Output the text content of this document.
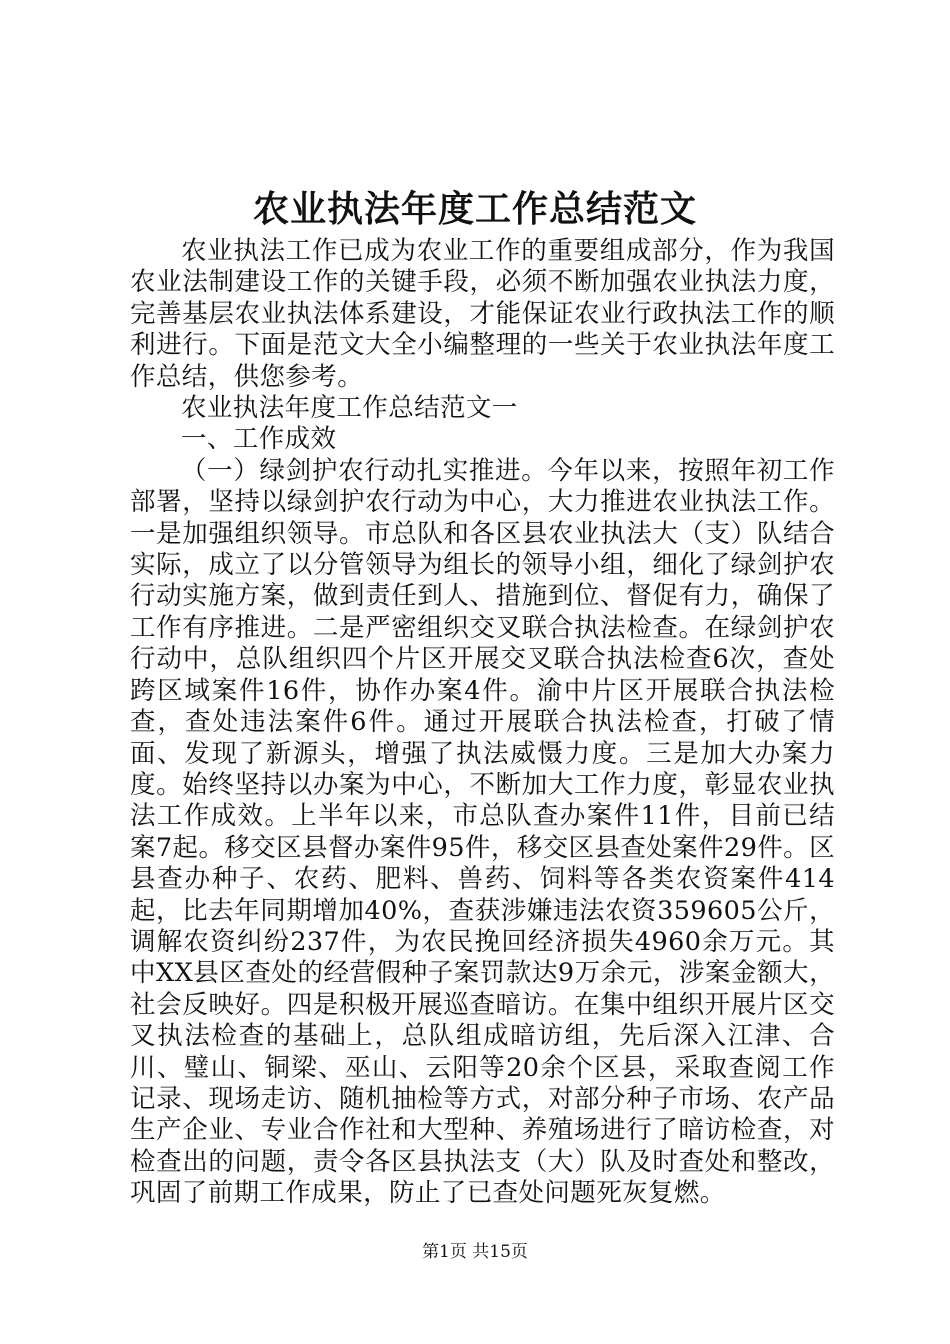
农业执法年度工作总结范文

农业执法工作已成为农业工作的重要组成部分，作为我国农业法制建设工作的关键手段，必须不断加强农业执法力度，完善基层农业执法体系建设，才能保证农业行政执法工作的顺利进行。下面是范文大全小编整理的一些关于农业执法年度工作总结，供您参考。

农业执法年度工作总结范文一

一、工作成效

（一）绿剑护农行动扎实推进。今年以来，按照年初工作部署，坚持以绿剑护农行动为中心，大力推进农业执法工作。一是加强组织领导。市总队和各区县农业执法大（支）队结合实际，成立了以分管领导为组长的领导小组，细化了绿剑护农行动实施方案，做到责任到人、措施到位、督促有力，确保了工作有序推进。二是严密组织交叉联合执法检查。在绿剑护农行动中，总队组织四个片区开展交叉联合执法检查6次，查处跨区域案件16件，协作办案4件。渝中片区开展联合执法检查，查处违法案件6件。通过开展联合执法检查，打破了情面、发现了新源头，增强了执法威慑力度。三是加大办案力度。始终坚持以办案为中心，不断加大工作力度，彰显农业执法工作成效。上半年以来，市总队查办案件11件，目前已结案7起。移交区县督办案件95件，移交区县查处案件29件。区县查办种子、农药、肥料、兽药、饲料等各类农资案件414起，比去年同期增加40%，查获涉嫌违法农资359605公斤，调解农资纠纷237件，为农民挽回经济损失4960余万元。其中XX县区查处的经营假种子案罚款达9万余元，涉案金额大，社会反映好。四是积极开展巡查暗访。在集中组织开展片区交叉执法检查的基础上，总队组成暗访组，先后深入江津、合川、璧山、铜梁、巫山、云阳等20余个区县，采取查阅工作记录、现场走访、随机抽检等方式，对部分种子市场、农产品生产企业、专业合作社和大型种、养殖场进行了暗访检查，对检查出的问题，责令各区县执法支（大）队及时查处和整改，巩固了前期工作成果，防止了已查处问题死灰复燃。

第1页 共15页
